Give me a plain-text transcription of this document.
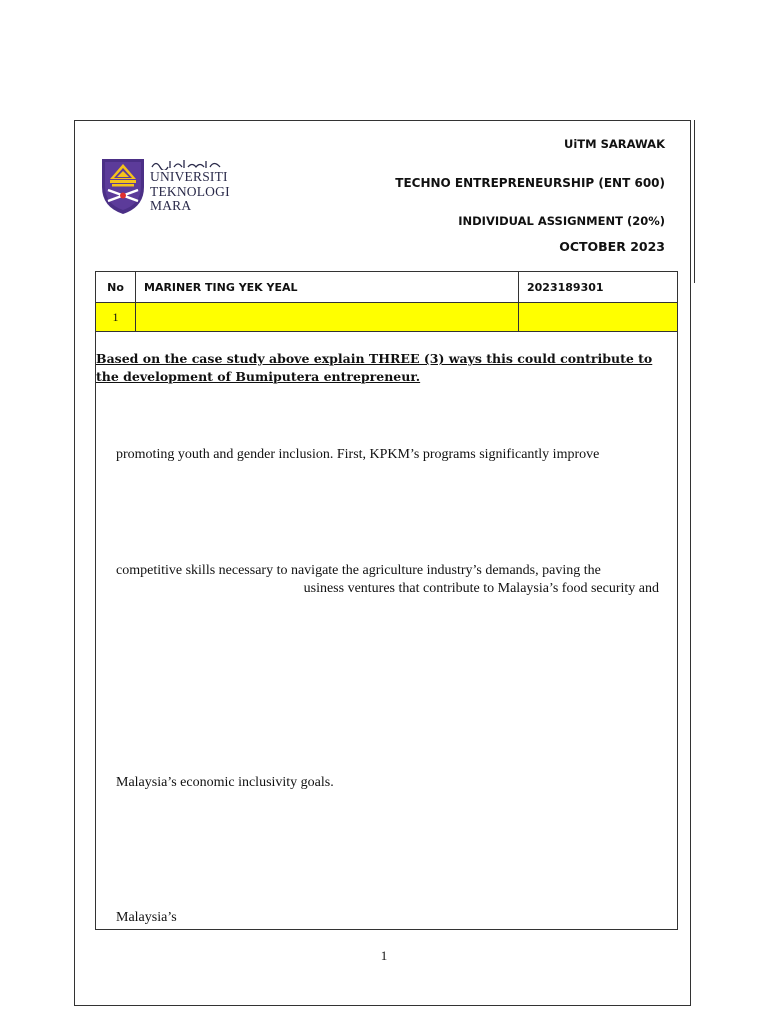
UNIVERSITI
TEKNOLOGI
MARA
UiTM SARAWAK
TECHNO ENTREPRENEURSHIP (ENT 600)
INDIVIDUAL ASSIGNMENT (20%)
OCTOBER 2023
No	MARINER TING YEK YEAL	2023189301
1		
Based on the case study above explain THREE (3) ways this could contribute to
the development of Bumiputera entrepreneur.
promoting youth and gender inclusion. First, KPKM’s programs significantly improve
competitive skills necessary to navigate the agriculture industry’s demands, paving the
usiness ventures that contribute to Malaysia’s food security and
Malaysia’s economic inclusivity goals.
Malaysia’s
1
